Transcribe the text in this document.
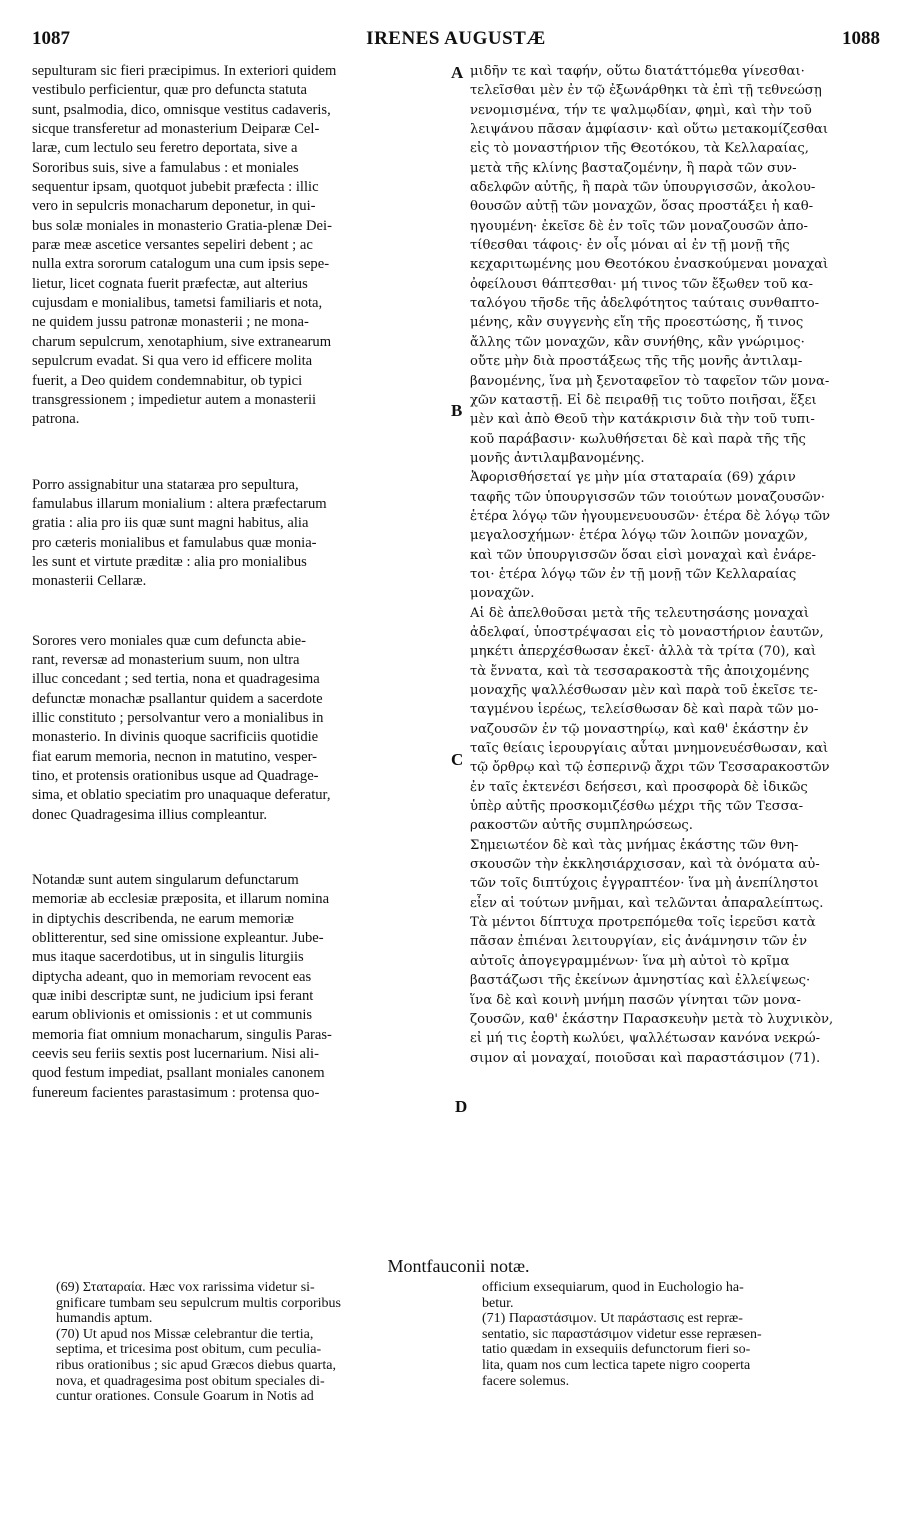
1087	IRENES AUGUSTÆ	1088
sepulturam sic fieri præcipimus. In exteriori quidem
vestibulo perficientur, quæ pro defuncta statuta
sunt, psalmodia, dico, omnisque vestitus cadaveris,
sicque transferetur ad monasterium Deiparæ Cel-
laræ, cum lectulo seu feretro deportata, sive a
Sororibus suis, sive a famulabus : et moniales
sequentur ipsam, quotquot jubebit præfecta : illic
vero in sepulcris monacharum deponetur, in qui-
bus solæ moniales in monasterio Gratia-plenæ Dei-
paræ meæ ascetice versantes sepeliri debent ; ac
nulla extra sororum catalogum una cum ipsis sepe-
lietur, licet cognata fuerit præfectæ, aut alterius
cujusdam e monialibus, tametsi familiaris et nota,
ne quidem jussu patronæ monasterii ; ne mona-
charum sepulcrum, xenotaphium, sive extranearum
sepulcrum evadat. Si qua vero id efficere molita
fuerit, a Deo quidem condemnabitur, ob typici
transgressionem ; impedietur autem a monasterii
patrona.
Porro assignabitur una stataræa pro sepultura,
famulabus illarum monialium : altera præfectarum
gratia : alia pro iis quæ sunt magni habitus, alia
pro cæteris monialibus et famulabus quæ monia-
les sunt et virtute præditæ : alia pro monialibus
monasterii Cellaræ.
Sorores vero moniales quæ cum defuncta abie-
rant, reversæ ad monasterium suum, non ultra
illuc concedant ; sed tertia, nona et quadragesima
defunctæ monachæ psallantur quidem a sacerdote
illic constituto ; persolvantur vero a monialibus in
monasterio. In divinis quoque sacrificiis quotidie
fiat earum memoria, necnon in matutino, vesper-
tino, et protensis orationibus usque ad Quadrage-
sima, et oblatio speciatim pro unaquaque deferatur,
donec Quadragesima illius compleantur.
Notandæ sunt autem singularum defunctarum
memoriæ ab ecclesiæ præposita, et illarum nomina
in diptychis describenda, ne earum memoriæ
oblitterentur, sed sine omissione expleantur. Jube-
mus itaque sacerdotibus, ut in singulis liturgiis
diptycha adeant, quo in memoriam revocent eas
quæ inibi descriptæ sunt, ne judicium ipsi ferant
earum oblivionis et omissionis : et ut communis
memoria fiat omnium monacharum, singulis Paras-
ceevis seu feriis sextis post lucernarium. Nisi ali-
quod festum impediat, psallant moniales canonem
funereum facientes parastasimum : protensa quo-
μιδῆν τε καὶ ταφήν, οὕτω διατάττόμεθα γίνεσθαι·
τελεῖσθαι μὲν ἐν τῷ ἐξωνάρθηκι τὰ ἐπὶ τῇ τεθνεώσῃ
νενομισμένα, τήν τε ψαλμῳδίαν, φημὶ, καὶ τὴν τοῦ
λειψάνου πᾶσαν ἀμφίασιν· καὶ οὕτω μετακομίζεσθαι
εἰς τὸ μοναστήριον τῆς Θεοτόκου, τὰ Κελλαραίας,
μετὰ τῆς κλίνης βασταζομένην, ἢ παρὰ τῶν συν-
αδελφῶν αὐτῆς, ἢ παρὰ τῶν ὑπουργισσῶν, ἀκολου-
θουσῶν αὐτῇ τῶν μοναχῶν, ὅσας προστάξει ἡ καθ-
ηγουμένη· ἐκεῖσε δὲ ἐν τοῖς τῶν μοναζουσῶν ἀπο-
τίθεσθαι τάφοις· ἐν οἷς μόναι αἱ ἐν τῇ μονῇ τῆς
κεχαριτωμένης μου Θεοτόκου ἐνασκούμεναι μοναχαὶ
ὀφείλουσι θάπτεσθαι· μή τινος τῶν ἔξωθεν τοῦ κα-
ταλόγου τῆσδε τῆς ἀδελφότητος ταύταις συνθαπτο-
μένης, κἂν συγγενὴς εἴη τῆς προεστώσης, ἤ τινος
ἄλλης τῶν μοναχῶν, κἂν συνήθης, κἂν γνώριμος·
οὔτε μὴν διὰ προστάξεως τῆς τῆς μονῆς ἀντιλαμ-
βανομένης, ἵνα μὴ ξενοταφεῖον τὸ ταφεῖον τῶν μονα-
χῶν καταστῇ. Εἰ δὲ πειραθῇ τις τοῦτο ποιῆσαι, ἕξει
μὲν καὶ ἀπὸ Θεοῦ τὴν κατάκρισιν διὰ τὴν τοῦ τυπι-
κοῦ παράβασιν· κωλυθήσεται δὲ καὶ παρὰ τῆς τῆς
μονῆς ἀντιλαμβανομένης.
Ἀφορισθήσεταί γε μὴν μία σταταραία (69) χάριν
ταφῆς τῶν ὑπουργισσῶν τῶν τοιούτων μοναζουσῶν·
ἑτέρα λόγῳ τῶν ἡγουμενευουσῶν· ἑτέρα δὲ λόγῳ τῶν
μεγαλοσχήμων· ἑτέρα λόγῳ τῶν λοιπῶν μοναχῶν,
καὶ τῶν ὑπουργισσῶν ὅσαι εἰσὶ μοναχαὶ καὶ ἐνάρε-
τοι· ἑτέρα λόγῳ τῶν ἐν τῇ μονῇ τῶν Κελλαραίας
μοναχῶν.
Αἱ δὲ ἀπελθοῦσαι μετὰ τῆς τελευτησάσης μοναχαὶ
ἀδελφαί, ὑποστρέψασαι εἰς τὸ μοναστήριον ἑαυτῶν,
μηκέτι ἀπερχέσθωσαν ἐκεῖ· ἀλλὰ τὰ τρίτα (70), καὶ
τὰ ἔννατα, καὶ τὰ τεσσαρακοστὰ τῆς ἀποιχομένης
μοναχῆς ψαλλέσθωσαν μὲν καὶ παρὰ τοῦ ἐκεῖσε τε-
ταγμένου ἱερέως, τελείσθωσαν δὲ καὶ παρὰ τῶν μο-
ναζουσῶν ἐν τῷ μοναστηρίῳ, καὶ καθ' ἑκάστην ἐν
ταῖς θείαις ἱερουργίαις αὗται μνημονευέσθωσαν, καὶ
τῷ ὄρθρῳ καὶ τῷ ἑσπερινῷ ἄχρι τῶν Τεσσαρακοστῶν
ἐν ταῖς ἐκτενέσι δεήσεσι, καὶ προσφορὰ δὲ ἰδικῶς
ὑπὲρ αὐτῆς προσκομιζέσθω μέχρι τῆς τῶν Τεσσα-
ρακοστῶν αὐτῆς συμπληρώσεως.
Σημειωτέον δὲ καὶ τὰς μνήμας ἑκάστης τῶν θνη-
σκουσῶν τὴν ἐκκλησιάρχισσαν, καὶ τὰ ὀνόματα αὐ-
τῶν τοῖς διπτύχοις ἐγγραπτέον· ἵνα μὴ ἀνεπίληστοι
εἶεν αἱ τούτων μνῆμαι, καὶ τελῶνται ἀπαραλείπτως.
Τὰ μέντοι δίπτυχα προτρεπόμεθα τοῖς ἱερεῦσι κατὰ
πᾶσαν ἐπιέναι λειτουργίαν, εἰς ἀνάμνησιν τῶν ἐν
αὐτοῖς ἀπογεγραμμένων· ἵνα μὴ αὐτοὶ τὸ κρῖμα
βαστάζωσι τῆς ἐκείνων ἀμνηστίας καὶ ἐλλείψεως·
ἵνα δὲ καὶ κοινὴ μνήμη πασῶν γίνηται τῶν μονα-
ζουσῶν, καθ' ἑκάστην Παρασκευὴν μετὰ τὸ λυχνικὸν,
εἰ μή τις ἑορτὴ κωλύει, ψαλλέτωσαν κανόνα νεκρώ-
σιμον αἱ μοναχαί, ποιοῦσαι καὶ παραστάσιμον (71).
A
B
C
D
Montfauconii notæ.
(69) Σταταραία. Hæc vox rarissima videtur si-
gnificare tumbam seu sepulcrum multis corporibus
humandis aptum.
(70) Ut apud nos Missæ celebrantur die tertia,
septima, et tricesima post obitum, cum peculia-
ribus orationibus ; sic apud Græcos diebus quarta,
nova, et quadragesima post obitum speciales di-
cuntur orationes. Consule Goarum in Notis ad
officium exsequiarum, quod in Euchologio ha-
betur.
(71) Παραστάσιμον. Ut παράστασις est repræ-
sentatio, sic παραστάσιμον videtur esse repræsen-
tatio quædam in exsequiis defunctorum fieri so-
lita, quam nos cum lectica tapete nigro cooperta
facere solemus.
